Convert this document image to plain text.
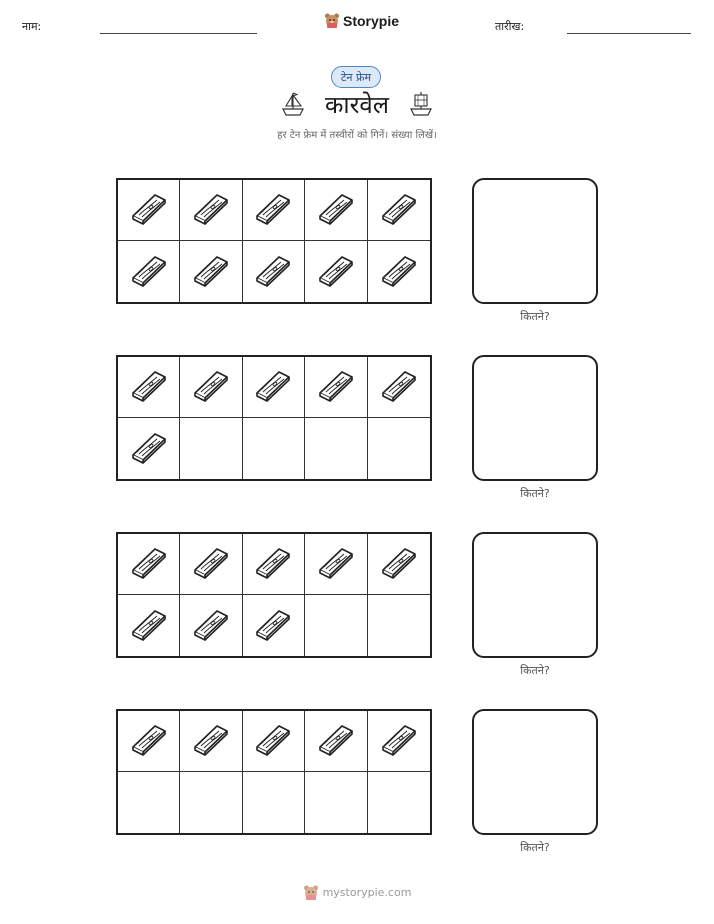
नाम:	Storypie	तारीख:
टेन फ्रेम
कारवेल
हर टेन फ्रेम में तस्वीरों को गिनें। संख्या लिखें।
कितने?
कितने?
कितने?
कितने?
mystorypie.com
